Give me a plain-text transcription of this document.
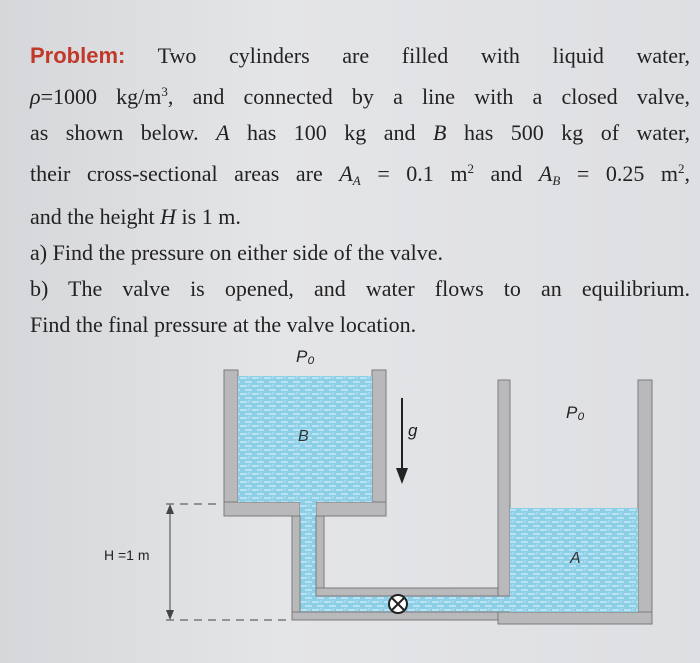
Problem: Two cylinders are filled with liquid water,
ρ=1000 $kg/m^3$, and connected by a line with a closed valve,
as shown below. A has 100 kg and B has 500 kg of water,
their cross-sectional areas are $A_A = 0.1$ $m^2$ and $A_B = 0.25$ $m^2$,
and the height H is 1 m.
a) Find the pressure on either side of the valve.
b) The valve is opened, and water flows to an equilibrium.
Find the final pressure at the valve location.
P₀
P₀
B
A
g
H =1 m
